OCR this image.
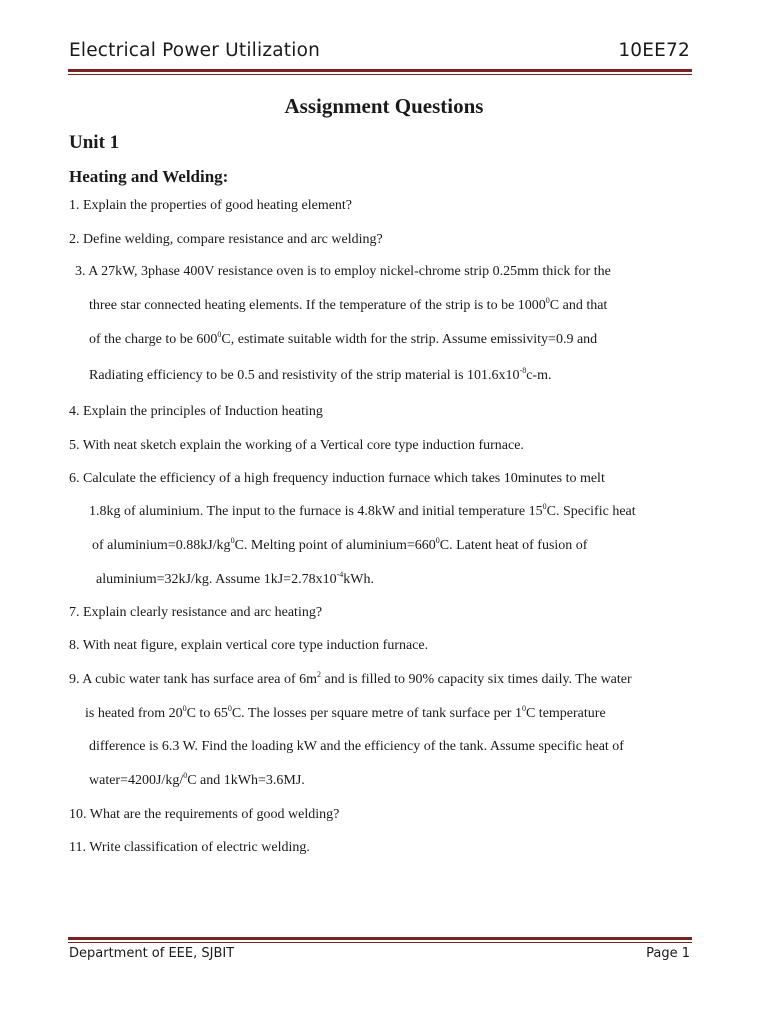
Electrical Power Utilization	10EE72
Assignment Questions
Unit 1
Heating and Welding:
1. Explain the properties of good heating element?
2. Define welding, compare resistance and arc welding?
3. A 27kW, 3phase 400V resistance oven is to employ nickel-chrome strip 0.25mm thick for the
three star connected heating elements. If the temperature of the strip is to be 1000$^0$C and that
of the charge to be $600^0C$, estimate suitable width for the strip. Assume emissivity=0.9 and
Radiating efficiency to be 0.5 and resistivity of the strip material is $101.6x10^{-8}c-m$.
4. Explain the principles of Induction heating
5. With neat sketch explain the working of a Vertical core type induction furnace.
6. Calculate the efficiency of a high frequency induction furnace which takes 10minutes to melt
1.8kg of aluminium. The input to the furnace is 4.8kW and initial temperature $15^0C$. Specific heat
of $aluminium=0.88kJ/kg^0C$. Melting point of $aluminium=660^0C$. Latent heat of fusion of
aluminium=32kJ/kg. Assume $1kJ=2.78x10^{-4}kWh$.
7. Explain clearly resistance and arc heating?
8. With neat figure, explain vertical core type induction furnace.
9. A cubic water tank has surface area of $6m^2$ and is filled to 90% capacity six times daily. The water
is heated from $20^0C$ to $65^0C$. The losses per square metre of tank surface per $1^0C$ temperature
difference is 6.3 W. Find the loading kW and the efficiency of the tank. Assume specific heat of
water=4200J/kg/$^0$C and 1kWh=3.6MJ.
10. What are the requirements of good welding?
11. Write classification of electric welding.
Department of EEE, SJBIT	Page 1
